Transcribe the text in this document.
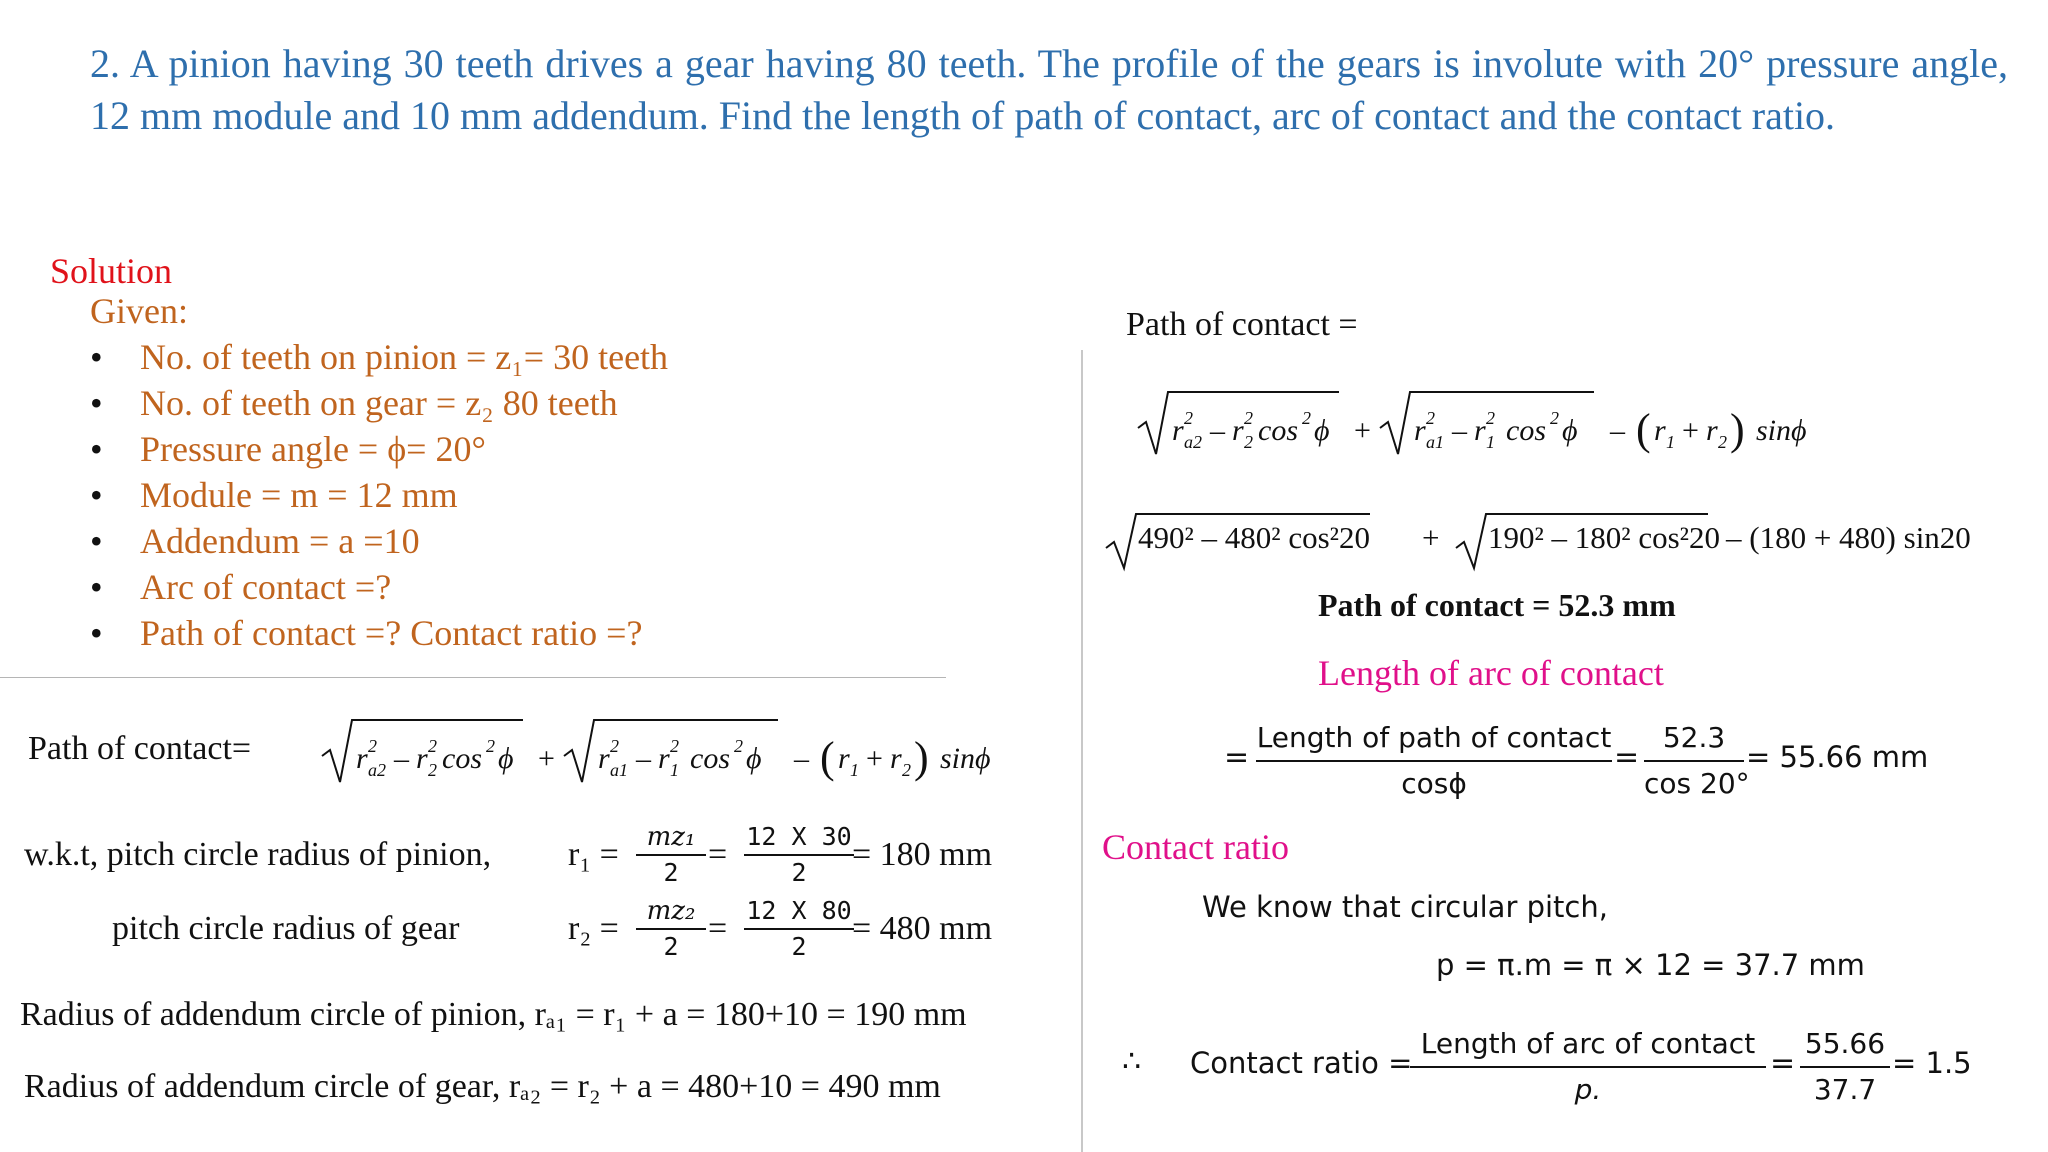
2. A pinion having 30 teeth drives a gear having 80 teeth. The profile of the gears is involute with 20° pressure angle, 12 mm module and 10 mm addendum. Find the length of path of contact, arc of contact and the contact ratio.
Solution
Given:
• No. of teeth on pinion = z₁= 30 teeth
• No. of teeth on gear = z₂ 80 teeth
• Pressure angle = ϕ= 20°
• Module = m = 12 mm
• Addendum = a =10
• Arc of contact =?
• Path of contact =? Contact ratio =?
Path of contact=	r 2
a2 – r 2
2 cos 2 ϕ + r 2
a1 – r 2
1 cos 2 ϕ – ( r 1 + r 2 ) sinϕ
w.k.t, pitch circle radius of pinion, $r_1 = \frac{\text{mz₁}}{2} = \frac{12 X 30}{2}$
= 180 mm
pitch circle radius of gear	$r_2 = \frac{\text{mz₂}}{2} = \frac{12 X 80}{2}$
= 480 mm
Radius of addendum circle of pinion, rₐ₁ = r₁ + a = 180+10 = 190 mm
Radius of addendum circle of gear, rₐ₂ = r₂ + a = 480+10 = 490 mm
Path of contact =
r 2
a2 – r 2
2 cos 2 ϕ + r 2
a1 – r 2
1 cos 2 ϕ – ( r 1 + r 2 ) sinϕ
490² – 480² cos²20 + 190² – 180² cos²20 – (180 + 480) sin20
Path of contact = 52.3 mm
Length of arc of contact
=
Length of path of contact
cosϕ
= $\frac{52.3}{\cos 20^\circ} = 55.66$ mm
Contact ratio
We know that circular pitch,
p = π.m = π × 12 = 37.7 mm
∴ Contact ratio =
Length of arc of contact
p.
= $\frac{55.66}{37.7} = 1.5$
